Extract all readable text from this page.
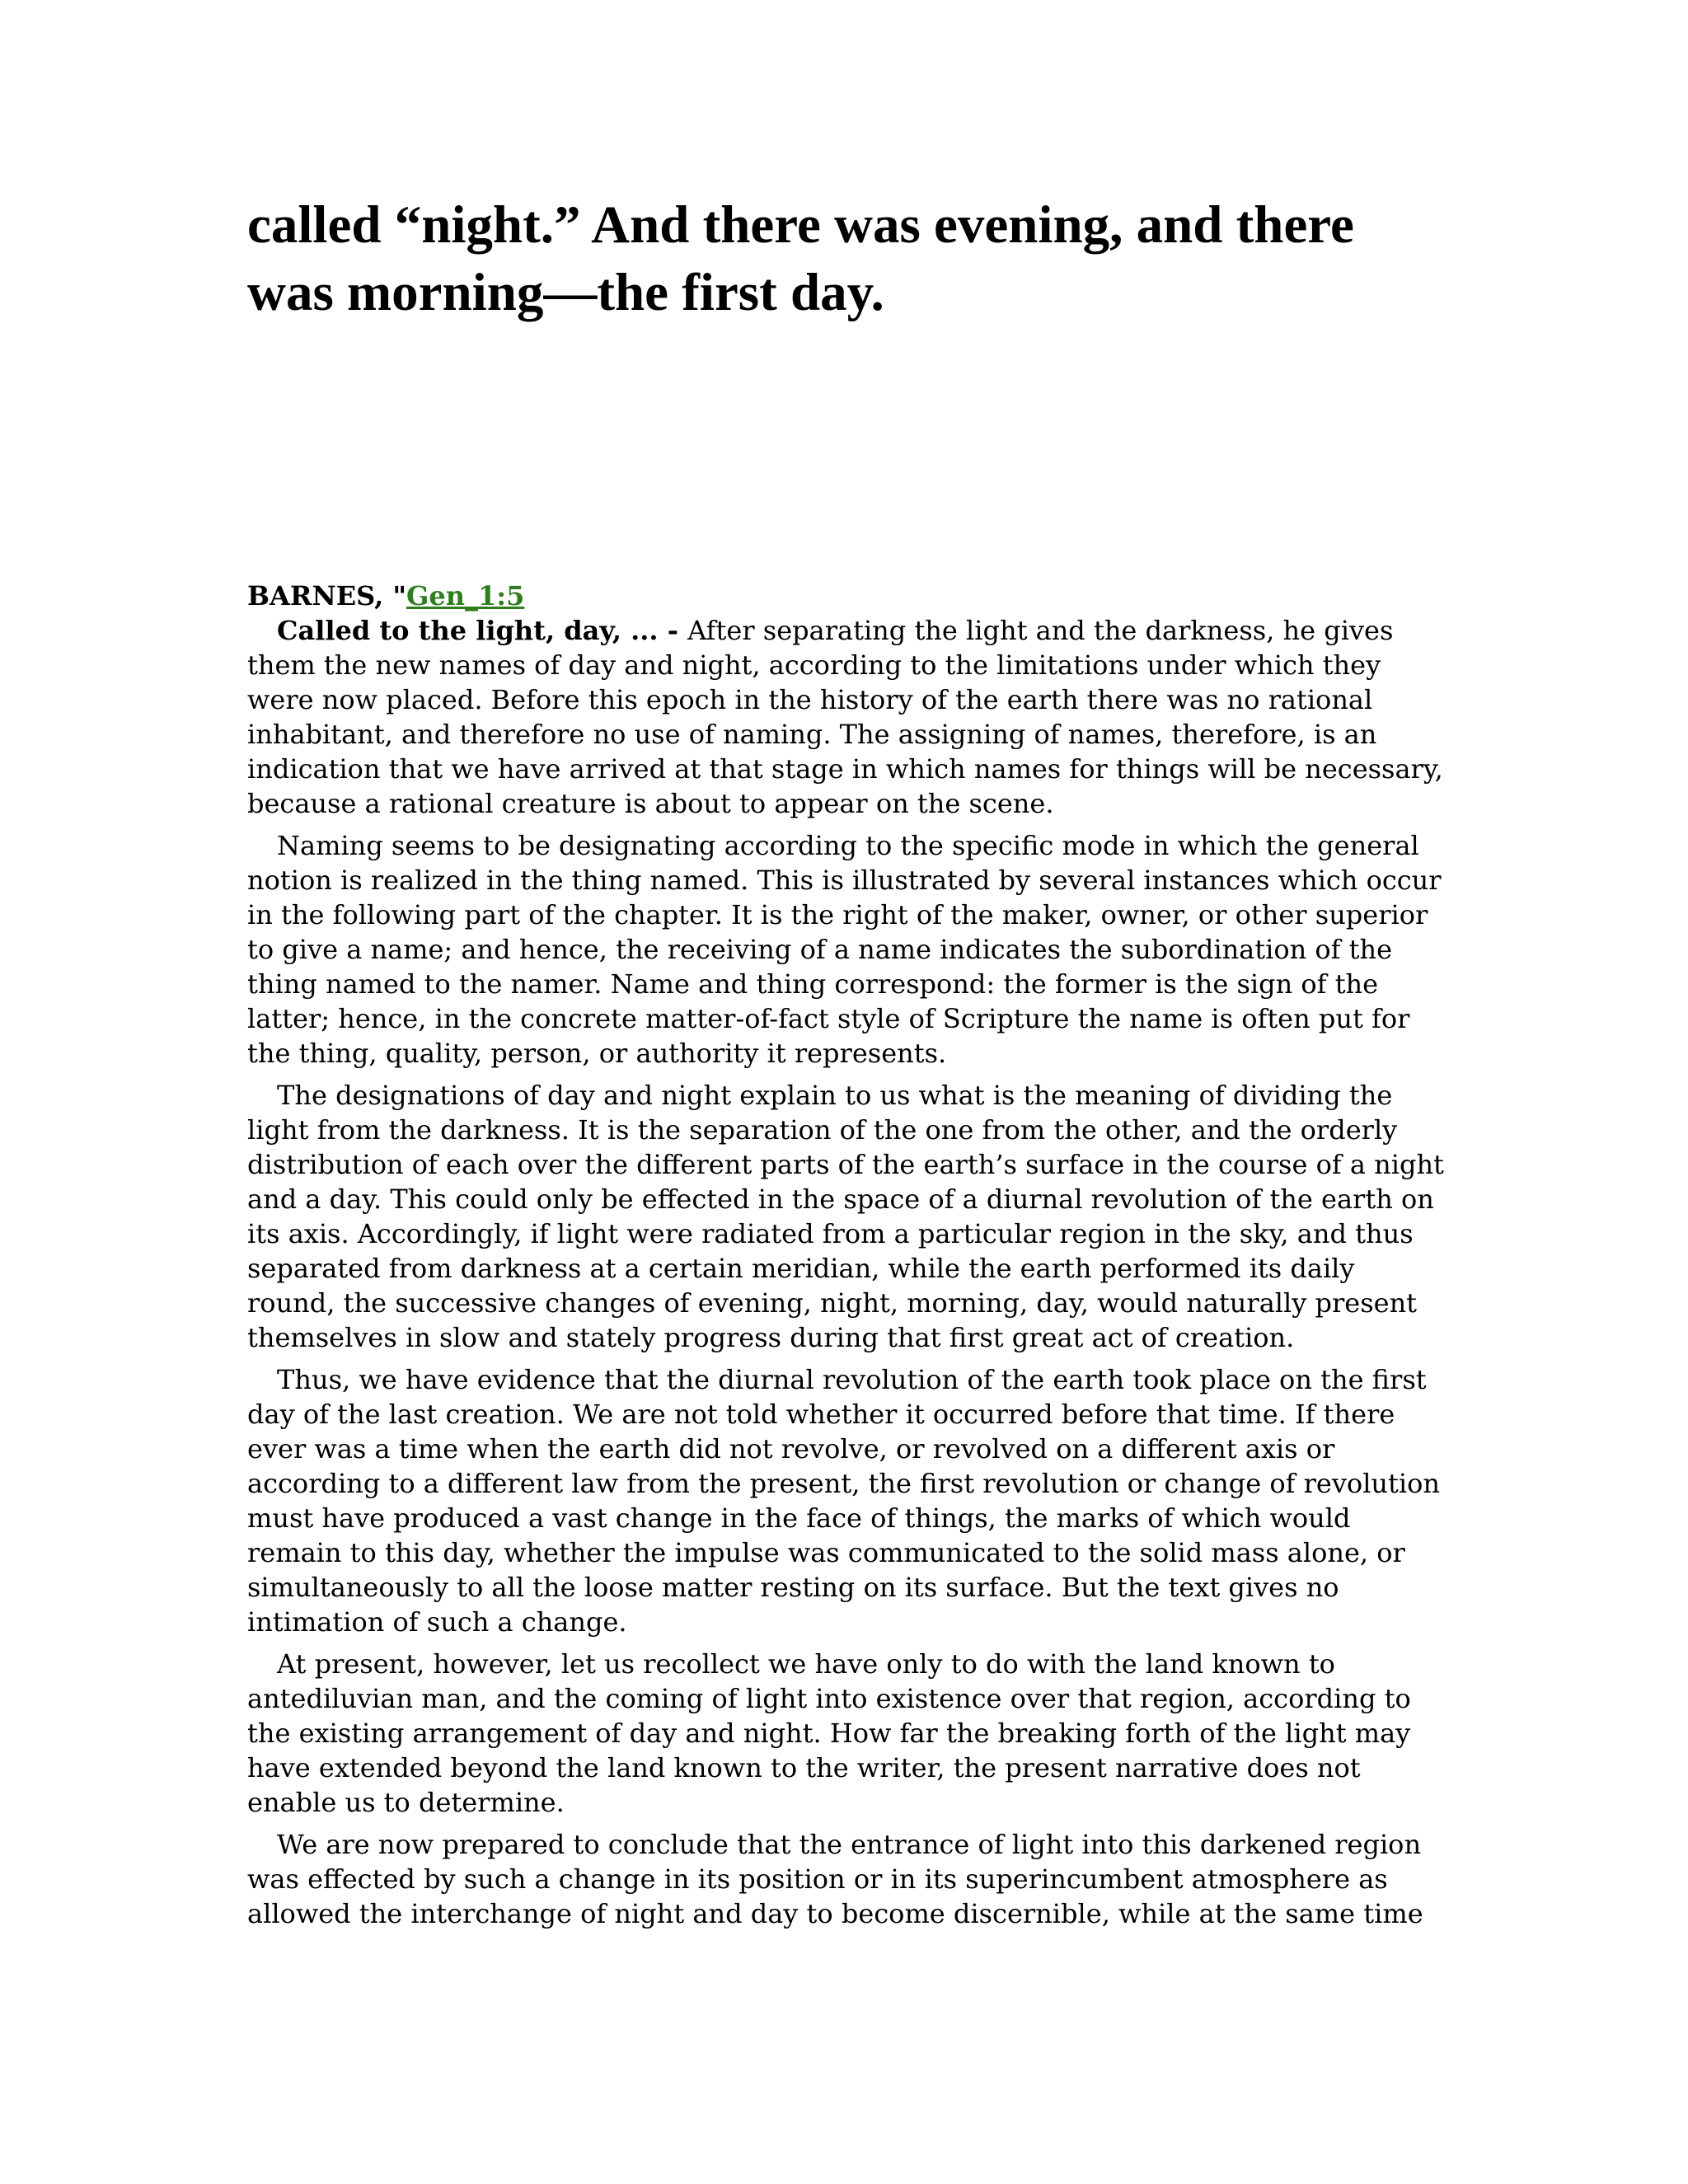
called “night.” And there was evening, and there was morning—the first day.

BARNES, "Gen_1:5

Called to the light, day, ... - After separating the light and the darkness, he gives them the new names of day and night, according to the limitations under which they were now placed. Before this epoch in the history of the earth there was no rational inhabitant, and therefore no use of naming. The assigning of names, therefore, is an indication that we have arrived at that stage in which names for things will be necessary, because a rational creature is about to appear on the scene.

Naming seems to be designating according to the specific mode in which the general notion is realized in the thing named. This is illustrated by several instances which occur in the following part of the chapter. It is the right of the maker, owner, or other superior to give a name; and hence, the receiving of a name indicates the subordination of the thing named to the namer. Name and thing correspond: the former is the sign of the latter; hence, in the concrete matter-of-fact style of Scripture the name is often put for the thing, quality, person, or authority it represents.

The designations of day and night explain to us what is the meaning of dividing the light from the darkness. It is the separation of the one from the other, and the orderly distribution of each over the different parts of the earth’s surface in the course of a night and a day. This could only be effected in the space of a diurnal revolution of the earth on its axis. Accordingly, if light were radiated from a particular region in the sky, and thus separated from darkness at a certain meridian, while the earth performed its daily round, the successive changes of evening, night, morning, day, would naturally present themselves in slow and stately progress during that first great act of creation.

Thus, we have evidence that the diurnal revolution of the earth took place on the first day of the last creation. We are not told whether it occurred before that time. If there ever was a time when the earth did not revolve, or revolved on a different axis or according to a different law from the present, the first revolution or change of revolution must have produced a vast change in the face of things, the marks of which would remain to this day, whether the impulse was communicated to the solid mass alone, or simultaneously to all the loose matter resting on its surface. But the text gives no intimation of such a change.

At present, however, let us recollect we have only to do with the land known to antediluvian man, and the coming of light into existence over that region, according to the existing arrangement of day and night. How far the breaking forth of the light may have extended beyond the land known to the writer, the present narrative does not enable us to determine.

We are now prepared to conclude that the entrance of light into this darkened region was effected by such a change in its position or in its superincumbent atmosphere as allowed the interchange of night and day to become discernible, while at the same time
